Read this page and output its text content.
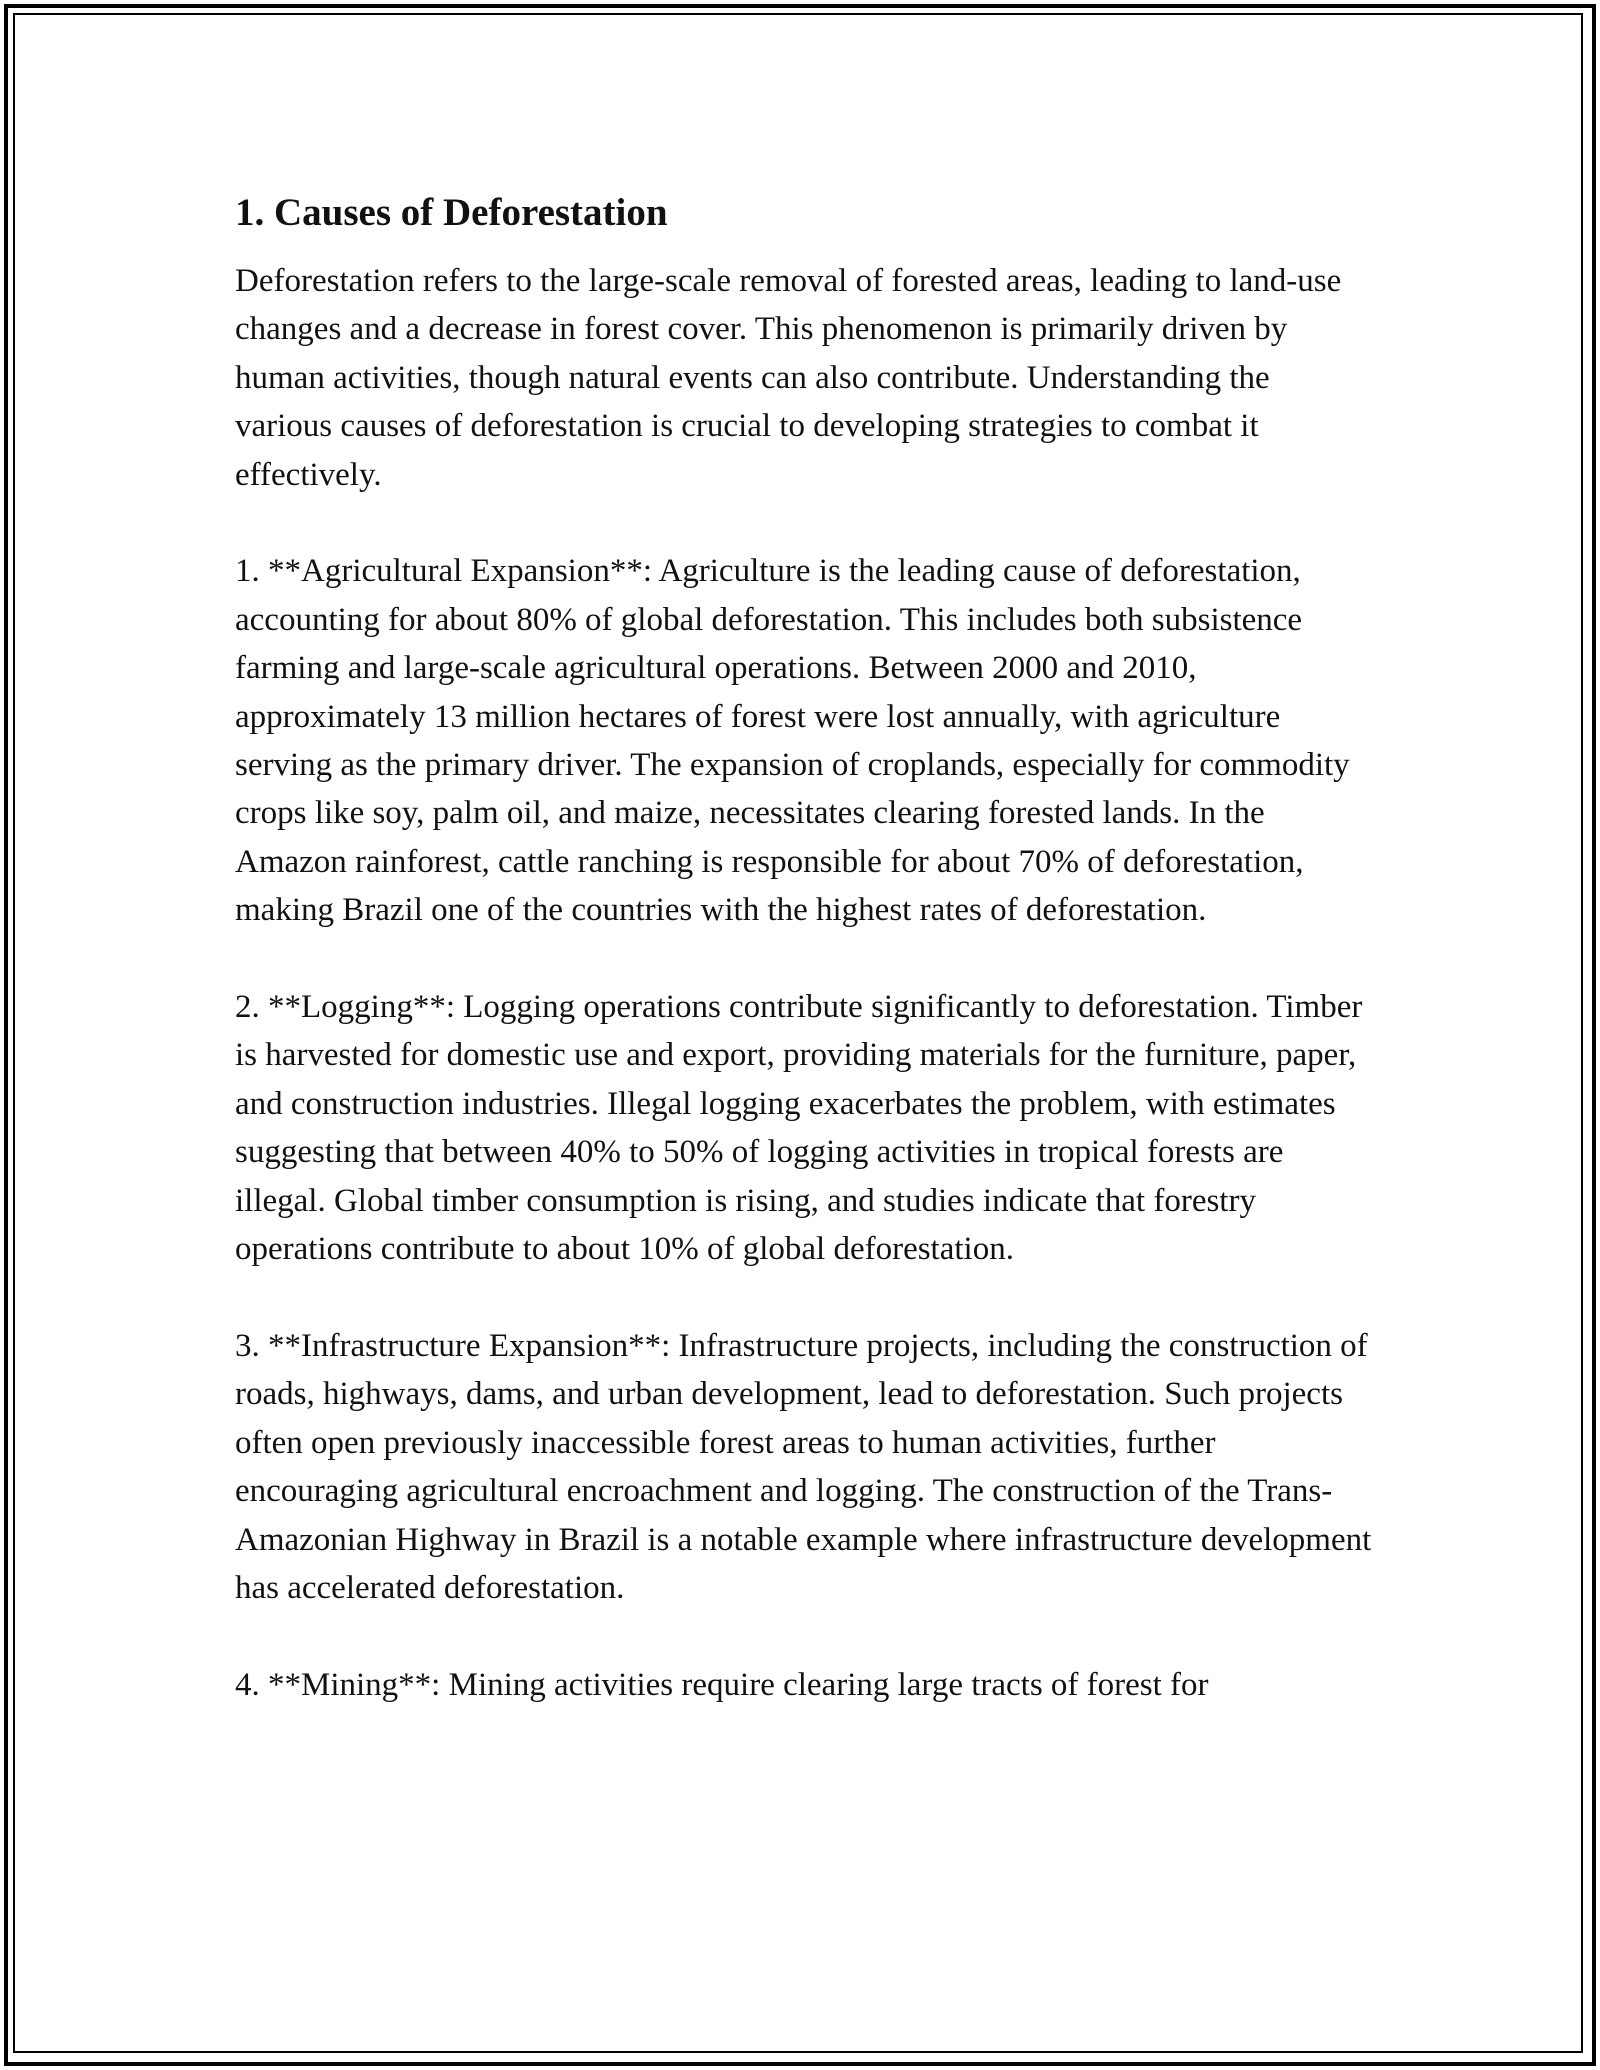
1. Causes of Deforestation

Deforestation refers to the large-scale removal of forested areas, leading to land-use changes and a decrease in forest cover. This phenomenon is primarily driven by human activities, though natural events can also contribute. Understanding the various causes of deforestation is crucial to developing strategies to combat it effectively.

1. **Agricultural Expansion**: Agriculture is the leading cause of deforestation, accounting for about 80% of global deforestation. This includes both subsistence farming and large-scale agricultural operations. Between 2000 and 2010, approximately 13 million hectares of forest were lost annually, with agriculture serving as the primary driver. The expansion of croplands, especially for commodity crops like soy, palm oil, and maize, necessitates clearing forested lands. In the Amazon rainforest, cattle ranching is responsible for about 70% of deforestation, making Brazil one of the countries with the highest rates of deforestation.

2. **Logging**: Logging operations contribute significantly to deforestation. Timber is harvested for domestic use and export, providing materials for the furniture, paper, and construction industries. Illegal logging exacerbates the problem, with estimates suggesting that between 40% to 50% of logging activities in tropical forests are illegal. Global timber consumption is rising, and studies indicate that forestry operations contribute to about 10% of global deforestation.

3. **Infrastructure Expansion**: Infrastructure projects, including the construction of roads, highways, dams, and urban development, lead to deforestation. Such projects often open previously inaccessible forest areas to human activities, further encouraging agricultural encroachment and logging. The construction of the Trans-Amazonian Highway in Brazil is a notable example where infrastructure development has accelerated deforestation.

4. **Mining**: Mining activities require clearing large tracts of forest for
